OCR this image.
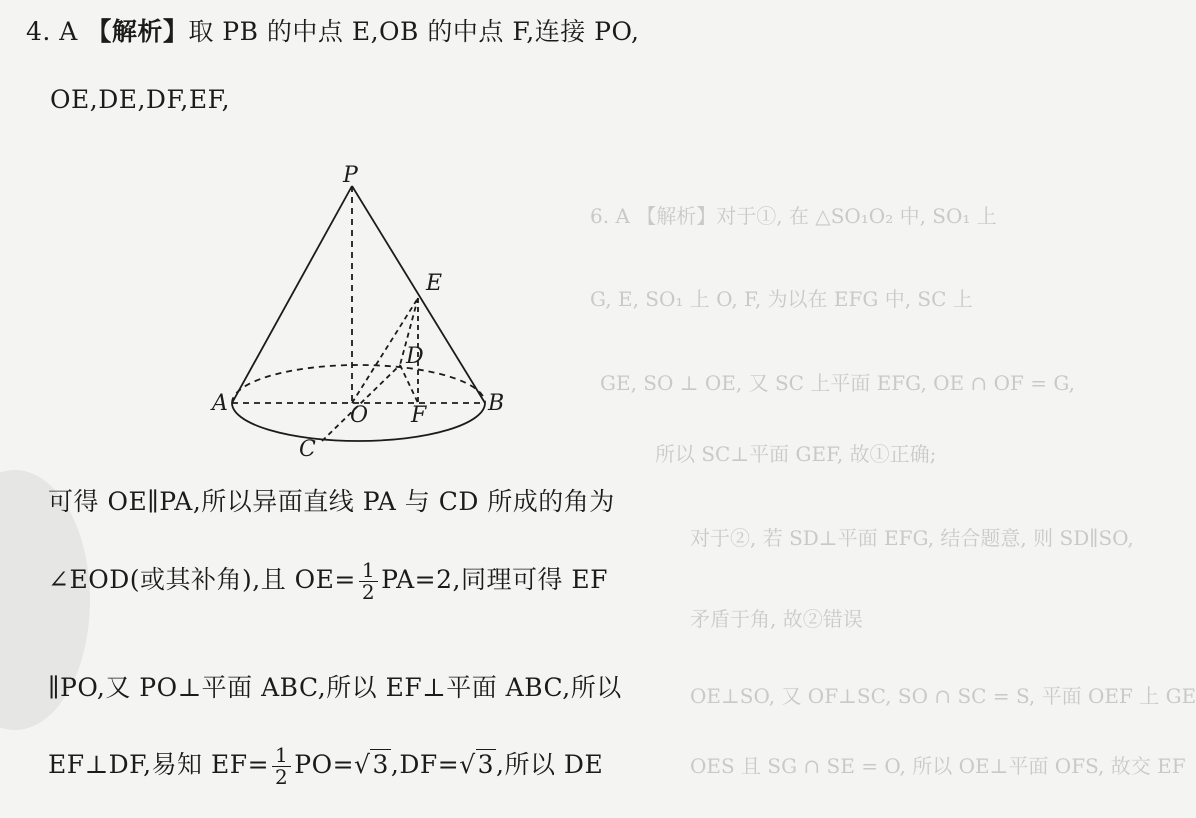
6. A 【解析】对于①, 在 △SO₁O₂ 中, SO₁ 上
G, E, SO₁ 上 O, F, 为以在 EFG 中, SC 上
GE, SO ⊥ OE, 又 SC 上平面 EFG, OE ∩ OF = G,
所以 SC⊥平面 GEF, 故①正确;
对于②, 若 SD⊥平面 EFG, 结合题意, 则 SD∥SO,
矛盾于角, 故②错误
OE⊥SO, 又 OF⊥SC, SO ∩ SC = S, 平面 OEF 上 GE
OES 且 SG ∩ SE = O, 所以 OE⊥平面 OFS, 故交 EF
4. A 【解析】取 PB 的中点 E,OB 的中点 F,连接 PO,
OE,DE,DF,EF,
P
E
D
A	O F	B
C
可得 OE∥PA,所以异面直线 PA 与 CD 所成的角为
∠EOD(或其补角),且 $OE= \frac{1}{2} PA=2$,同理可得 EF
∥PO,又 PO⊥平面 ABC,所以 EF⊥平面 ABC,所以
EF⊥DF,易知 $EF= \frac{1}{2} PO=√3,DF=√3$,所以 DE
